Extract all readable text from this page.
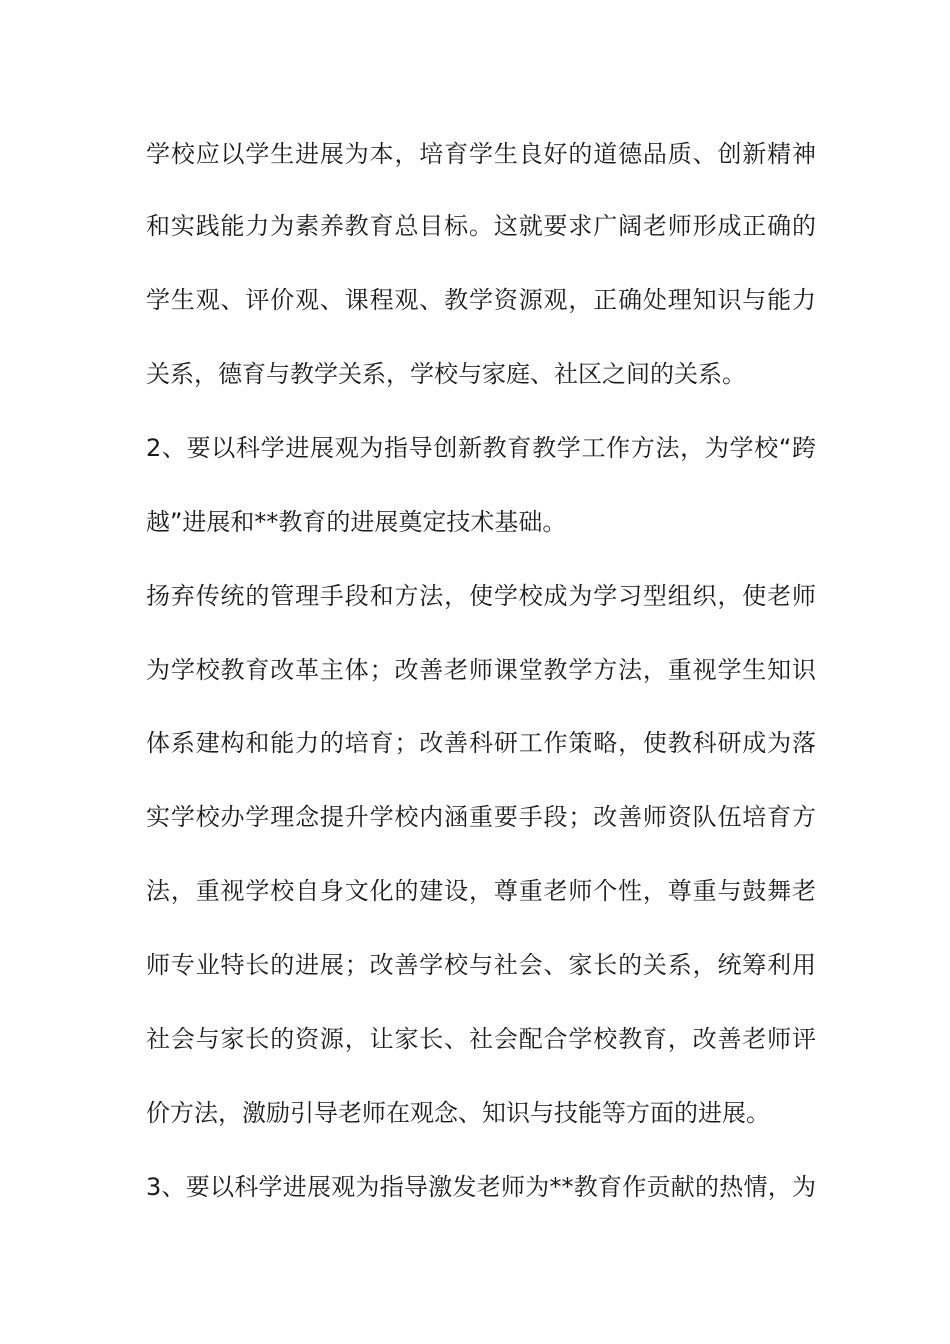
学校应以学生进展为本，培育学生良好的道德品质、创新精神
和实践能力为素养教育总目标。这就要求广阔老师形成正确的
学生观、评价观、课程观、教学资源观，正确处理知识与能力
关系，德育与教学关系，学校与家庭、社区之间的关系。
2、要以科学进展观为指导创新教育教学工作方法，为学校“跨
越”进展和**教育的进展奠定技术基础。
扬弃传统的管理手段和方法，使学校成为学习型组织，使老师
为学校教育改革主体；改善老师课堂教学方法，重视学生知识
体系建构和能力的培育；改善科研工作策略，使教科研成为落
实学校办学理念提升学校内涵重要手段；改善师资队伍培育方
法，重视学校自身文化的建设，尊重老师个性，尊重与鼓舞老
师专业特长的进展；改善学校与社会、家长的关系，统筹利用
社会与家长的资源，让家长、社会配合学校教育，改善老师评
价方法，激励引导老师在观念、知识与技能等方面的进展。
3、要以科学进展观为指导激发老师为**教育作贡献的热情，为
